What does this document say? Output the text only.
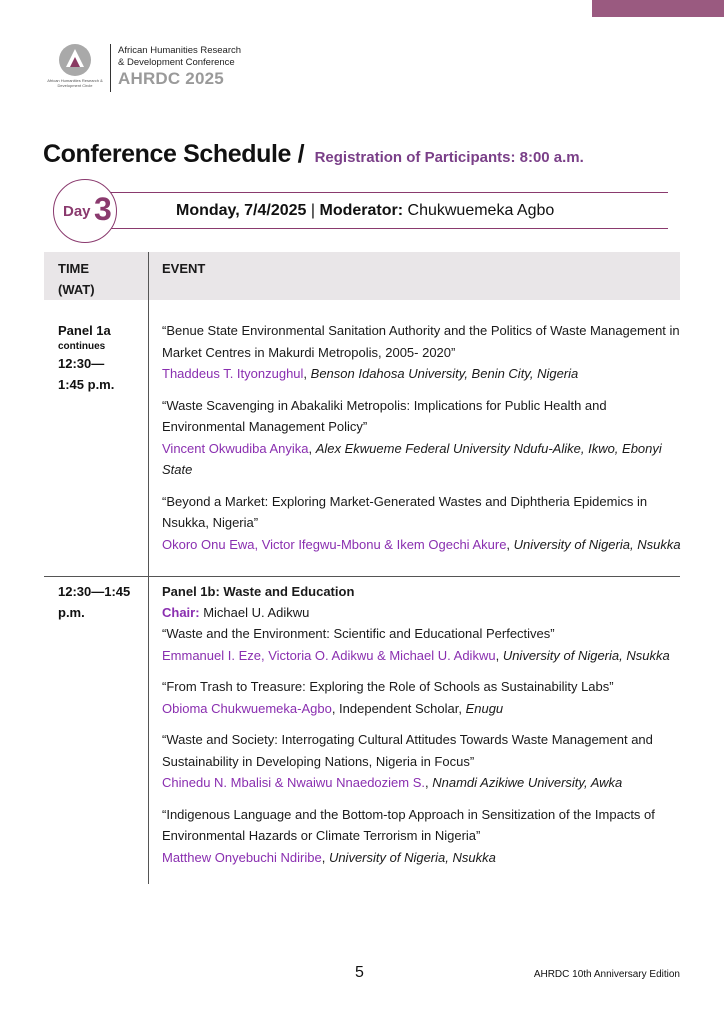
African Humanities Research & Development Circle
African Humanities Research
& Development Conference
AHRDC 2025
Conference Schedule / Registration of Participants: 8:00 a.m.
Day 3	Monday, 7/4/2025 | Moderator: Chukwuemeka Agbo
TIME
(WAT)
EVENT
Panel 1a
continues
12:30—
1:45 p.m.
“Benue State Environmental Sanitation Authority and the Politics of Waste Management in Market Centres in Makurdi Metropolis, 2005- 2020”
Thaddeus T. Ityonzughul, Benson Idahosa University, Benin City, Nigeria
“Waste Scavenging in Abakaliki Metropolis: Implications for Public Health and Environmental Management Policy”
Vincent Okwudiba Anyika, Alex Ekwueme Federal University Ndufu-Alike, Ikwo, Ebonyi State
“Beyond a Market: Exploring Market-Generated Wastes and Diphtheria Epidemics in Nsukka, Nigeria”
Okoro Onu Ewa, Victor Ifegwu-Mbonu & Ikem Ogechi Akure, University of Nigeria, Nsukka
12:30—1:45
p.m.
Panel 1b: Waste and Education
Chair: Michael U. Adikwu
“Waste and the Environment: Scientific and Educational Perfectives”
Emmanuel I. Eze, Victoria O. Adikwu & Michael U. Adikwu, University of Nigeria, Nsukka
“From Trash to Treasure: Exploring the Role of Schools as Sustainability Labs”
Obioma Chukwuemeka-Agbo, Independent Scholar, Enugu
“Waste and Society: Interrogating Cultural Attitudes Towards Waste Management and Sustainability in Developing Nations, Nigeria in Focus”
Chinedu N. Mbalisi & Nwaiwu Nnaedoziem S., Nnamdi Azikiwe University, Awka
“Indigenous Language and the Bottom-top Approach in Sensitization of the Impacts of Environmental Hazards or Climate Terrorism in Nigeria”
Matthew Onyebuchi Ndiribe, University of Nigeria, Nsukka
5	AHRDC 10th Anniversary Edition
